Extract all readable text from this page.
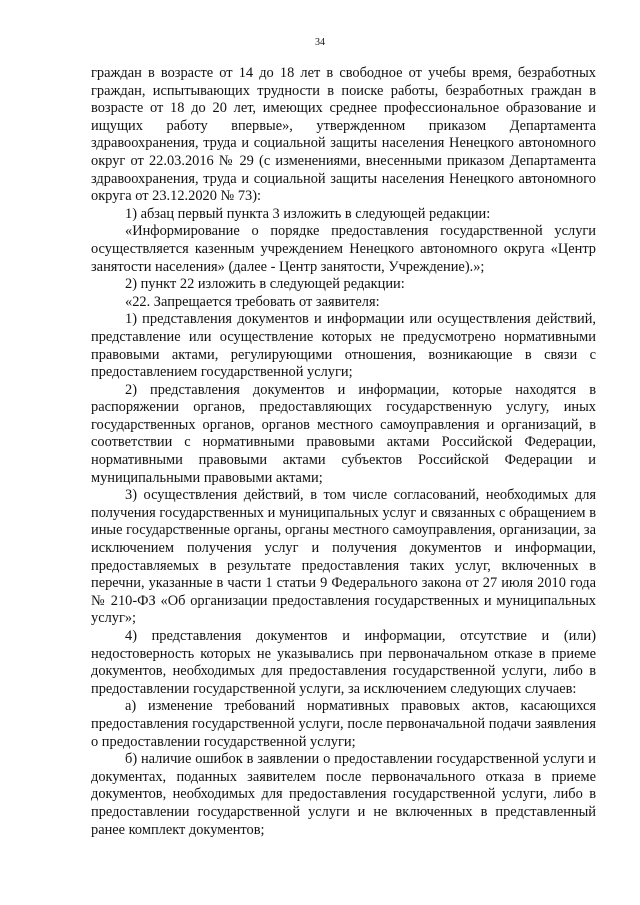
34

граждан в возрасте от 14 до 18 лет в свободное от учебы время, безработных граждан, испытывающих трудности в поиске работы, безработных граждан в возрасте от 18 до 20 лет, имеющих среднее профессиональное образование и ищущих работу впервые», утвержденном приказом Департамента здравоохранения, труда и социальной защиты населения Ненецкого автономного округ от 22.03.2016 № 29 (с изменениями, внесенными приказом Департамента здравоохранения, труда и социальной защиты населения Ненецкого автономного округа от 23.12.2020 № 73):

1) абзац первый пункта 3 изложить в следующей редакции:

«Информирование о порядке предоставления государственной услуги осуществляется казенным учреждением Ненецкого автономного округа «Центр занятости населения» (далее - Центр занятости, Учреждение).»;

2) пункт 22 изложить в следующей редакции:

«22. Запрещается требовать от заявителя:

1) представления документов и информации или осуществления действий, представление или осуществление которых не предусмотрено нормативными правовыми актами, регулирующими отношения, возникающие в связи с предоставлением государственной услуги;

2) представления документов и информации, которые находятся в распоряжении органов, предоставляющих государственную услугу, иных государственных органов, органов местного самоуправления и организаций, в соответствии с нормативными правовыми актами Российской Федерации, нормативными правовыми актами субъектов Российской Федерации и муниципальными правовыми актами;

3) осуществления действий, в том числе согласований, необходимых для получения государственных и муниципальных услуг и связанных с обращением в иные государственные органы, органы местного самоуправления, организации, за исключением получения услуг и получения документов и информации, предоставляемых в результате предоставления таких услуг, включенных в перечни, указанные в части 1 статьи 9 Федерального закона от 27 июля 2010 года № 210-ФЗ «Об организации предоставления государственных и муниципальных услуг»;

4) представления документов и информации, отсутствие и (или) недостоверность которых не указывались при первоначальном отказе в приеме документов, необходимых для предоставления государственной услуги, либо в предоставлении государственной услуги, за исключением следующих случаев:

а) изменение требований нормативных правовых актов, касающихся предоставления государственной услуги, после первоначальной подачи заявления о предоставлении государственной услуги;

б) наличие ошибок в заявлении о предоставлении государственной услуги и документах, поданных заявителем после первоначального отказа в приеме документов, необходимых для предоставления государственной услуги, либо в предоставлении государственной услуги и не включенных в представленный ранее комплект документов;
